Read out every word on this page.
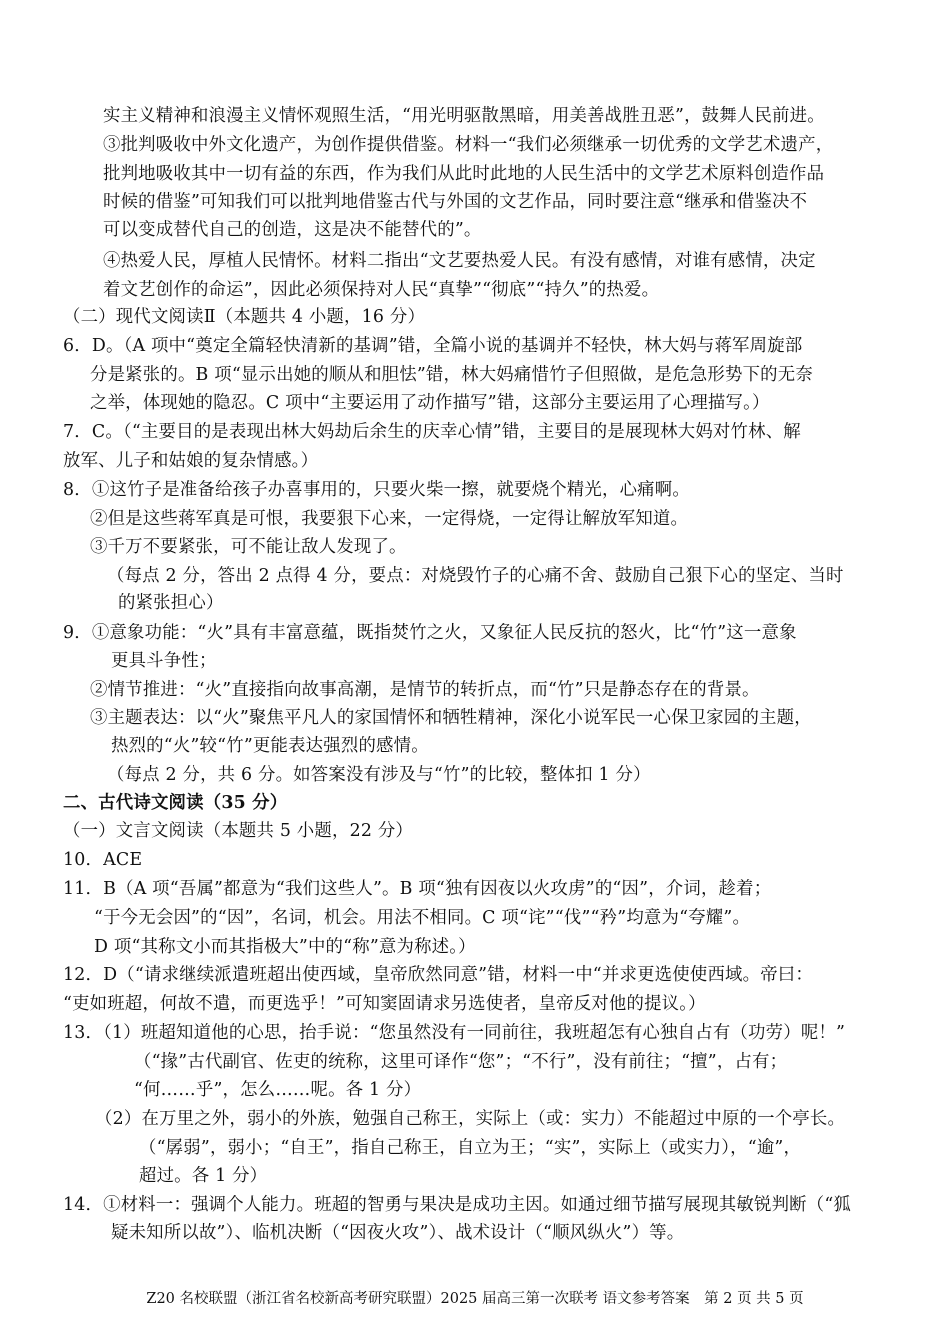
实主义精神和浪漫主义情怀观照生活，“用光明驱散黑暗，用美善战胜丑恶”，鼓舞人民前进。
③批判吸收中外文化遗产，为创作提供借鉴。材料一“我们必须继承一切优秀的文学艺术遗产，
批判地吸收其中一切有益的东西，作为我们从此时此地的人民生活中的文学艺术原料创造作品
时候的借鉴”可知我们可以批判地借鉴古代与外国的文艺作品，同时要注意“继承和借鉴决不
可以变成替代自己的创造，这是决不能替代的”。
④热爱人民，厚植人民情怀。材料二指出“文艺要热爱人民。有没有感情，对谁有感情，决定
着文艺创作的命运”，因此必须保持对人民“真挚”“彻底”“持久”的热爱。
（二）现代文阅读Ⅱ（本题共 4 小题，16 分）
6．D。（A 项中“奠定全篇轻快清新的基调”错，全篇小说的基调并不轻快，林大妈与蒋军周旋部
分是紧张的。B 项“显示出她的顺从和胆怯”错，林大妈痛惜竹子但照做，是危急形势下的无奈
之举，体现她的隐忍。C 项中“主要运用了动作描写”错，这部分主要运用了心理描写。）
7．C。（“主要目的是表现出林大妈劫后余生的庆幸心情”错，主要目的是展现林大妈对竹林、解
放军、儿子和姑娘的复杂情感。）
8．①这竹子是准备给孩子办喜事用的，只要火柴一擦，就要烧个精光，心痛啊。
②但是这些蒋军真是可恨，我要狠下心来，一定得烧，一定得让解放军知道。
③千万不要紧张，可不能让敌人发现了。
（每点 2 分，答出 2 点得 4 分，要点：对烧毁竹子的心痛不舍、鼓励自己狠下心的坚定、当时
的紧张担心）
9．①意象功能：“火”具有丰富意蕴，既指焚竹之火，又象征人民反抗的怒火，比“竹”这一意象
更具斗争性；
②情节推进：“火”直接指向故事高潮，是情节的转折点，而“竹”只是静态存在的背景。
③主题表达：以“火”聚焦平凡人的家国情怀和牺牲精神，深化小说军民一心保卫家园的主题，
热烈的“火”较“竹”更能表达强烈的感情。
（每点 2 分，共 6 分。如答案没有涉及与“竹”的比较，整体扣 1 分）
二、古代诗文阅读（35 分）
（一）文言文阅读（本题共 5 小题，22 分）
10．ACE
11．B（A 项“吾属”都意为“我们这些人”。B 项“独有因夜以火攻虏”的“因”，介词，趁着；
“于今无会因”的“因”，名词，机会。用法不相同。C 项“诧”“伐”“矜”均意为“夸耀”。
D 项“其称文小而其指极大”中的“称”意为称述。）
12．D（“请求继续派遣班超出使西域，皇帝欣然同意”错，材料一中“并求更选使使西域。帝曰：
“吏如班超，何故不遣，而更选乎！”可知窦固请求另选使者，皇帝反对他的提议。）
13．（1）班超知道他的心思，抬手说：“您虽然没有一同前往，我班超怎有心独自占有（功劳）呢！”
（“掾”古代副官、佐吏的统称，这里可译作“您”；“不行”，没有前往；“擅”，占有；
“何……乎”，怎么……呢。各 1 分）
（2）在万里之外，弱小的外族，勉强自己称王，实际上（或：实力）不能超过中原的一个亭长。
（“孱弱”，弱小；“自王”，指自己称王，自立为王；“实”，实际上（或实力），“逾”，
超过。各 1 分）
14．①材料一：强调个人能力。班超的智勇与果决是成功主因。如通过细节描写展现其敏锐判断（“狐
疑未知所以故”）、临机决断（“因夜火攻”）、战术设计（“顺风纵火”）等。
Z20 名校联盟（浙江省名校新高考研究联盟）2025 届高三第一次联考 语文参考答案　第 2 页 共 5 页
